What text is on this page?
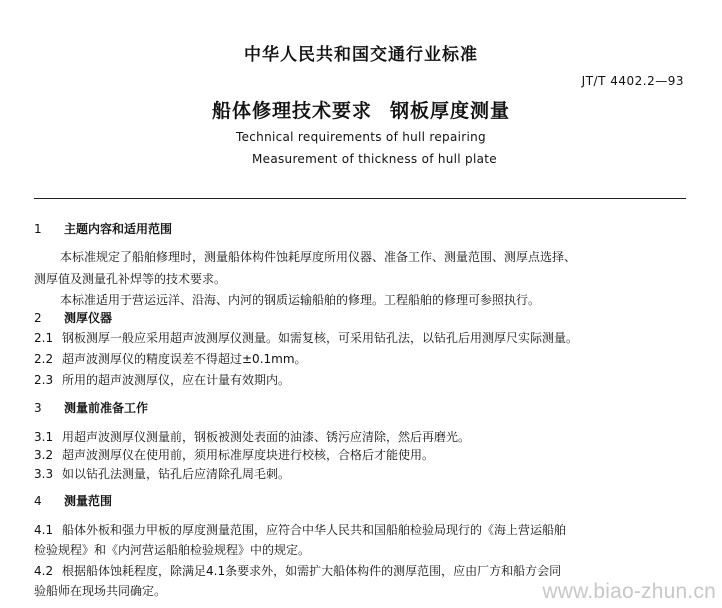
中华人民共和国交通行业标准
JT/T 4402.2—93
船体修理技术要求 钢板厚度测量
Technical requirements of hull repairing
Measurement of thickness of hull plate
1 主题内容和适用范围
本标准规定了船舶修理时，测量船体构件蚀耗厚度所用仪器、准备工作、测量范围、测厚点选择、
测厚值及测量孔补焊等的技术要求。
本标准适用于营运远洋、沿海、内河的钢质运输船舶的修理。工程船舶的修理可参照执行。
2 测厚仪器
2.1 钢板测厚一般应采用超声波测厚仪测量。如需复核，可采用钻孔法，以钻孔后用测厚尺实际测量。
2.2 超声波测厚仪的精度误差不得超过±0.1mm。
2.3 所用的超声波测厚仪，应在计量有效期内。
3 测量前准备工作
3.1 用超声波测厚仪测量前，钢板被测处表面的油漆、锈污应清除，然后再磨光。
3.2 超声波测厚仪在使用前，须用标准厚度块进行校核，合格后才能使用。
3.3 如以钻孔法测量，钻孔后应清除孔周毛刺。
4 测量范围
4.1 船体外板和强力甲板的厚度测量范围，应符合中华人民共和国船舶检验局现行的《海上营运船舶
检验规程》和《内河营运船舶检验规程》中的规定。
4.2 根据船体蚀耗程度，除满足4.1条要求外，如需扩大船体构件的测厚范围，应由厂方和船方会同
验船师在现场共同确定。	www.biao-zhun.cn
